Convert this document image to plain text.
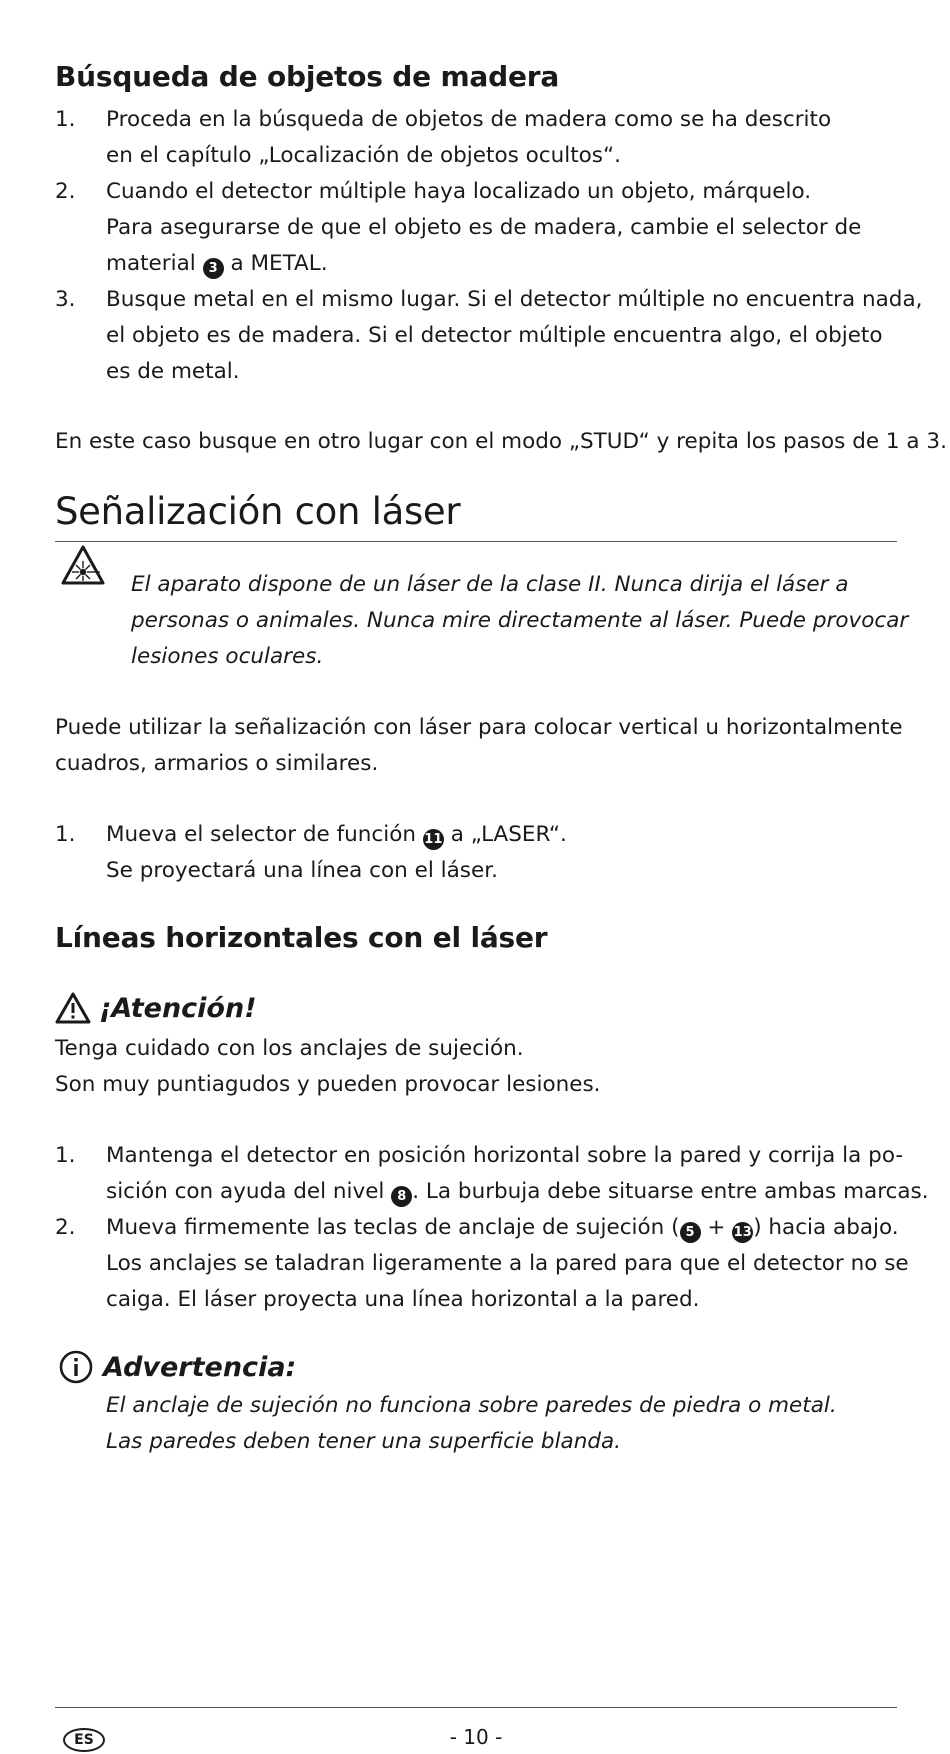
Búsqueda de objetos de madera
1. Proceda en la búsqueda de objetos de madera como se ha descrito
en el capítulo „Localización de objetos ocultos“.
2. Cuando el detector múltiple haya localizado un objeto, márquelo.
Para asegurarse de que el objeto es de madera, cambie el selector de
material 3 a METAL.
3. Busque metal en el mismo lugar. Si el detector múltiple no encuentra nada,
el objeto es de madera. Si el detector múltiple encuentra algo, el objeto
es de metal.

En este caso busque en otro lugar con el modo „STUD“ y repita los pasos de 1 a 3.

Señalización con láser
El aparato dispone de un láser de la clase II. Nunca dirija el láser a
personas o animales. Nunca mire directamente al láser. Puede provocar
lesiones oculares.
Puede utilizar la señalización con láser para colocar vertical u horizontalmente
cuadros, armarios o similares.
1. Mueva el selector de función 11 a „LASER“.
Se proyectará una línea con el láser.
Líneas horizontales con el láser
¡Atención!
Tenga cuidado con los anclajes de sujeción.
Son muy puntiagudos y pueden provocar lesiones.
1. Mantenga el detector en posición horizontal sobre la pared y corrija la po-
sición con ayuda del nivel 8 . La burbuja debe situarse entre ambas marcas.
2. Mueva firmemente las teclas de anclaje de sujeción ( 5 + 13) hacia abajo.
Los anclajes se taladran ligeramente a la pared para que el detector no se
caiga. El láser proyecta una línea horizontal a la pared.
Advertencia:
El anclaje de sujeción no funciona sobre paredes de piedra o metal.
Las paredes deben tener una superficie blanda.
ES	- 10 -
